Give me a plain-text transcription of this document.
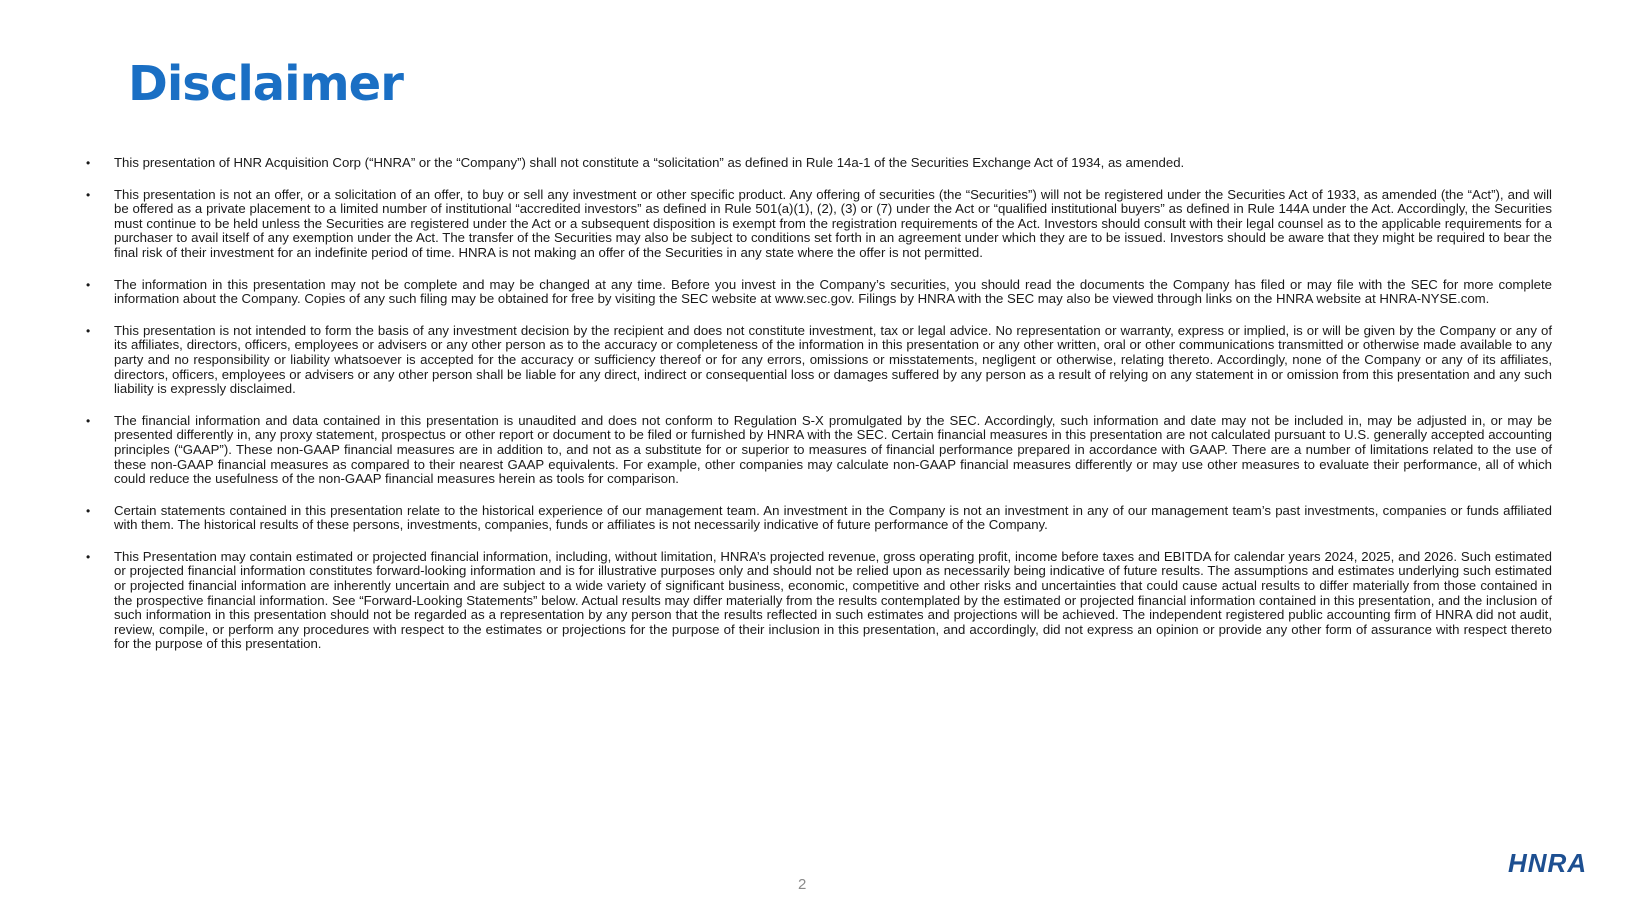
Disclaimer
• This presentation of HNR Acquisition Corp (“HNRA” or the “Company”) shall not constitute a “solicitation” as defined in Rule 14a-1 of the Securities Exchange Act of 1934, as amended.
• This presentation is not an offer, or a solicitation of an offer, to buy or sell any investment or other specific product. Any offering of securities (the “Securities”) will not be registered under the Securities Act of 1933, as amended (the “Act”), and will be offered as a private placement to a limited number of institutional “accredited investors” as defined in Rule 501(a)(1), (2), (3) or (7) under the Act or “qualified institutional buyers” as defined in Rule 144A under the Act. Accordingly, the Securities must continue to be held unless the Securities are registered under the Act or a subsequent disposition is exempt from the registration requirements of the Act. Investors should consult with their legal counsel as to the applicable requirements for a purchaser to avail itself of any exemption under the Act. The transfer of the Securities may also be subject to conditions set forth in an agreement under which they are to be issued. Investors should be aware that they might be required to bear the final risk of their investment for an indefinite period of time. HNRA is not making an offer of the Securities in any state where the offer is not permitted.
• The information in this presentation may not be complete and may be changed at any time. Before you invest in the Company’s securities, you should read the documents the Company has filed or may file with the SEC for more complete information about the Company. Copies of any such filing may be obtained for free by visiting the SEC website at www.sec.gov. Filings by HNRA with the SEC may also be viewed through links on the HNRA website at HNRA-NYSE.com.
• This presentation is not intended to form the basis of any investment decision by the recipient and does not constitute investment, tax or legal advice. No representation or warranty, express or implied, is or will be given by the Company or any of its affiliates, directors, officers, employees or advisers or any other person as to the accuracy or completeness of the information in this presentation or any other written, oral or other communications transmitted or otherwise made available to any party and no responsibility or liability whatsoever is accepted for the accuracy or sufficiency thereof or for any errors, omissions or misstatements, negligent or otherwise, relating thereto. Accordingly, none of the Company or any of its affiliates, directors, officers, employees or advisers or any other person shall be liable for any direct, indirect or consequential loss or damages suffered by any person as a result of relying on any statement in or omission from this presentation and any such liability is expressly disclaimed.
• The financial information and data contained in this presentation is unaudited and does not conform to Regulation S-X promulgated by the SEC. Accordingly, such information and date may not be included in, may be adjusted in, or may be presented differently in, any proxy statement, prospectus or other report or document to be filed or furnished by HNRA with the SEC. Certain financial measures in this presentation are not calculated pursuant to U.S. generally accepted accounting principles (“GAAP”). These non-GAAP financial measures are in addition to, and not as a substitute for or superior to measures of financial performance prepared in accordance with GAAP. There are a number of limitations related to the use of these non-GAAP financial measures as compared to their nearest GAAP equivalents. For example, other companies may calculate non-GAAP financial measures differently or may use other measures to evaluate their performance, all of which could reduce the usefulness of the non-GAAP financial measures herein as tools for comparison.
• Certain statements contained in this presentation relate to the historical experience of our management team. An investment in the Company is not an investment in any of our management team’s past investments, companies or funds affiliated with them. The historical results of these persons, investments, companies, funds or affiliates is not necessarily indicative of future performance of the Company.
• This Presentation may contain estimated or projected financial information, including, without limitation, HNRA’s projected revenue, gross operating profit, income before taxes and EBITDA for calendar years 2024, 2025, and 2026. Such estimated or projected financial information constitutes forward-looking information and is for illustrative purposes only and should not be relied upon as necessarily being indicative of future results. The assumptions and estimates underlying such estimated or projected financial information are inherently uncertain and are subject to a wide variety of significant business, economic, competitive and other risks and uncertainties that could cause actual results to differ materially from those contained in the prospective financial information. See “Forward-Looking Statements” below. Actual results may differ materially from the results contemplated by the estimated or projected financial information contained in this presentation, and the inclusion of such information in this presentation should not be regarded as a representation by any person that the results reflected in such estimates and projections will be achieved. The independent registered public accounting firm of HNRA did not audit, review, compile, or perform any procedures with respect to the estimates or projections for the purpose of their inclusion in this presentation, and accordingly, did not express an opinion or provide any other form of assurance with respect thereto for the purpose of this presentation.
2
HNRA
